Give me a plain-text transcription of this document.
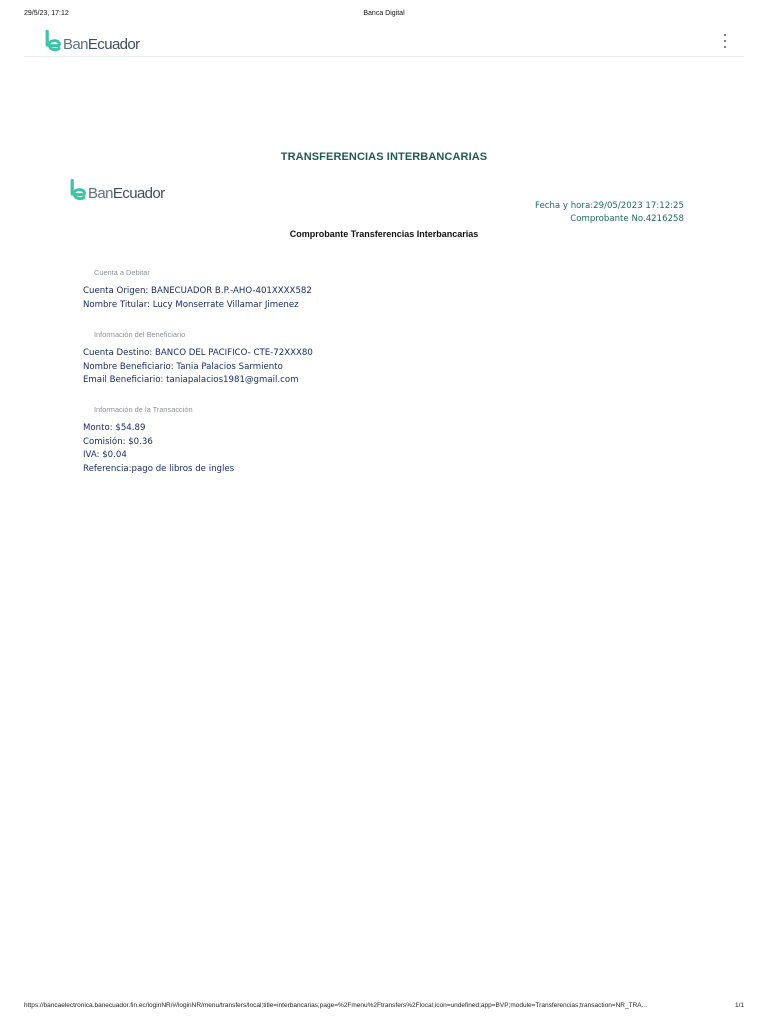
29/5/23, 17:12	Banca Digital
BanEcuador
TRANSFERENCIAS INTERBANCARIAS
BanEcuador
Fecha y hora:29/05/2023 17:12:25
Comprobante No.4216258
Comprobante Transferencias Interbancarias
Cuenta a Debitar
Cuenta Origen: BANECUADOR B.P.-AHO-401XXXX582
Nombre Titular: Lucy Monserrate Villamar Jimenez
Información del Beneficiario
Cuenta Destino: BANCO DEL PACIFICO- CTE-72XXX80
Nombre Beneficiario: Tania Palacios Sarmiento
Email Beneficiario: taniapalacios1981@gmail.com
Información de la Transacción
Monto: $54.89
Comisión: $0.36
IVA: $0.04
Referencia:pago de libros de ingles
https://bancaelectronica.banecuador.fin.ec/loginNR/#/loginNR/menu/transfers/local;title=interbancarias;page=%2Fmenu%2Ftransfers%2Flocal;icon=undefined;app=BVP;module=Transferencias;transaction=NR_TRA...	1/1
